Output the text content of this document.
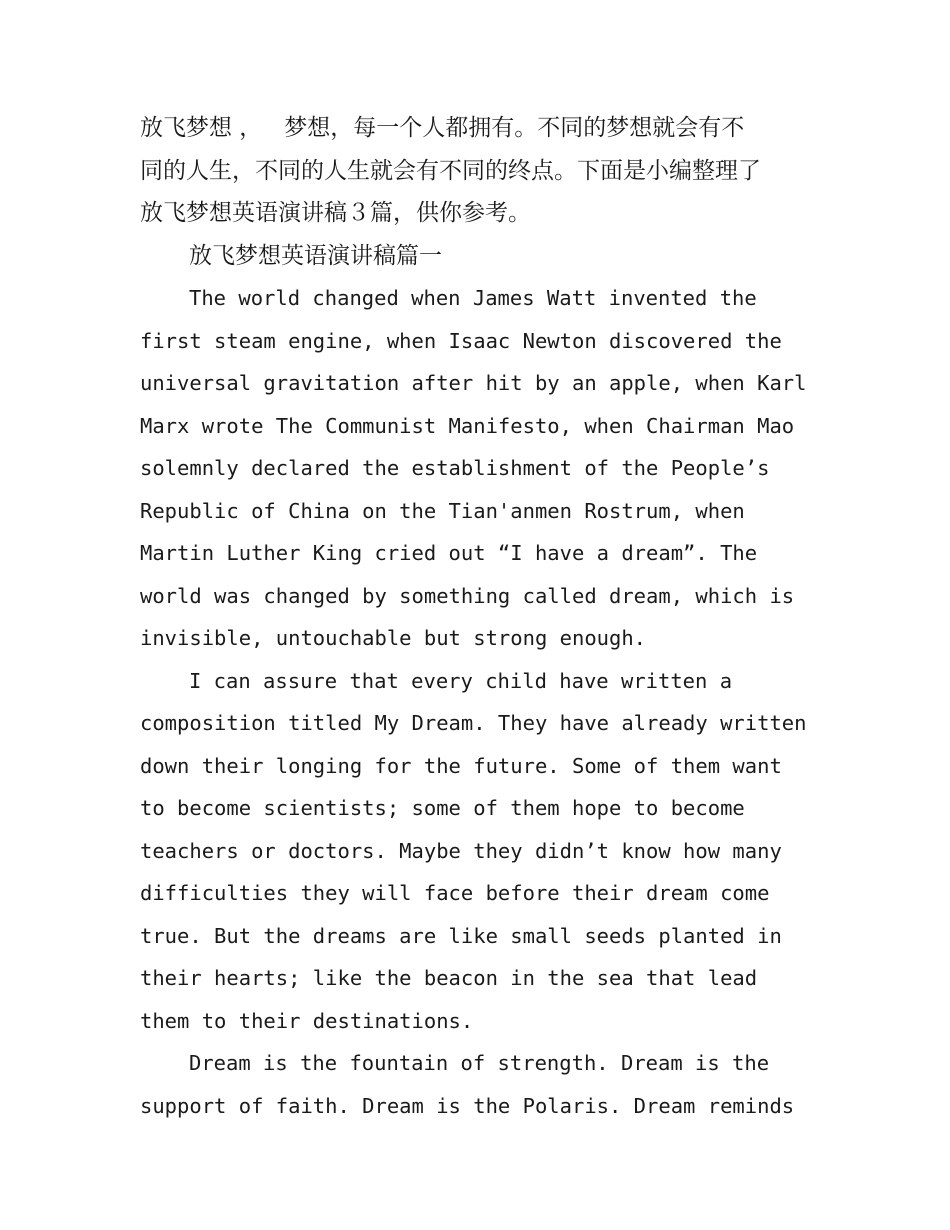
放飞梦想 ，   梦想，每一个人都拥有。不同的梦想就会有不
同的人生，不同的人生就会有不同的终点。下面是小编整理了
放飞梦想英语演讲稿３篇，供你参考。
放飞梦想英语演讲稿篇一
The world changed when James Watt invented the
first steam engine, when Isaac Newton discovered the
universal gravitation after hit by an apple, when Karl
Marx wrote The Communist Manifesto, when Chairman Mao
solemnly declared the establishment of the People’s
Republic of China on the Tian'anmen Rostrum, when
Martin Luther King cried out “I have a dream”. The
world was changed by something called dream, which is
invisible, untouchable but strong enough.
I can assure that every child have written a
composition titled My Dream. They have already written
down their longing for the future. Some of them want
to become scientists; some of them hope to become
teachers or doctors. Maybe they didn’t know how many
difficulties they will face before their dream come
true. But the dreams are like small seeds planted in
their hearts; like the beacon in the sea that lead
them to their destinations.
Dream is the fountain of strength. Dream is the
support of faith. Dream is the Polaris. Dream reminds
